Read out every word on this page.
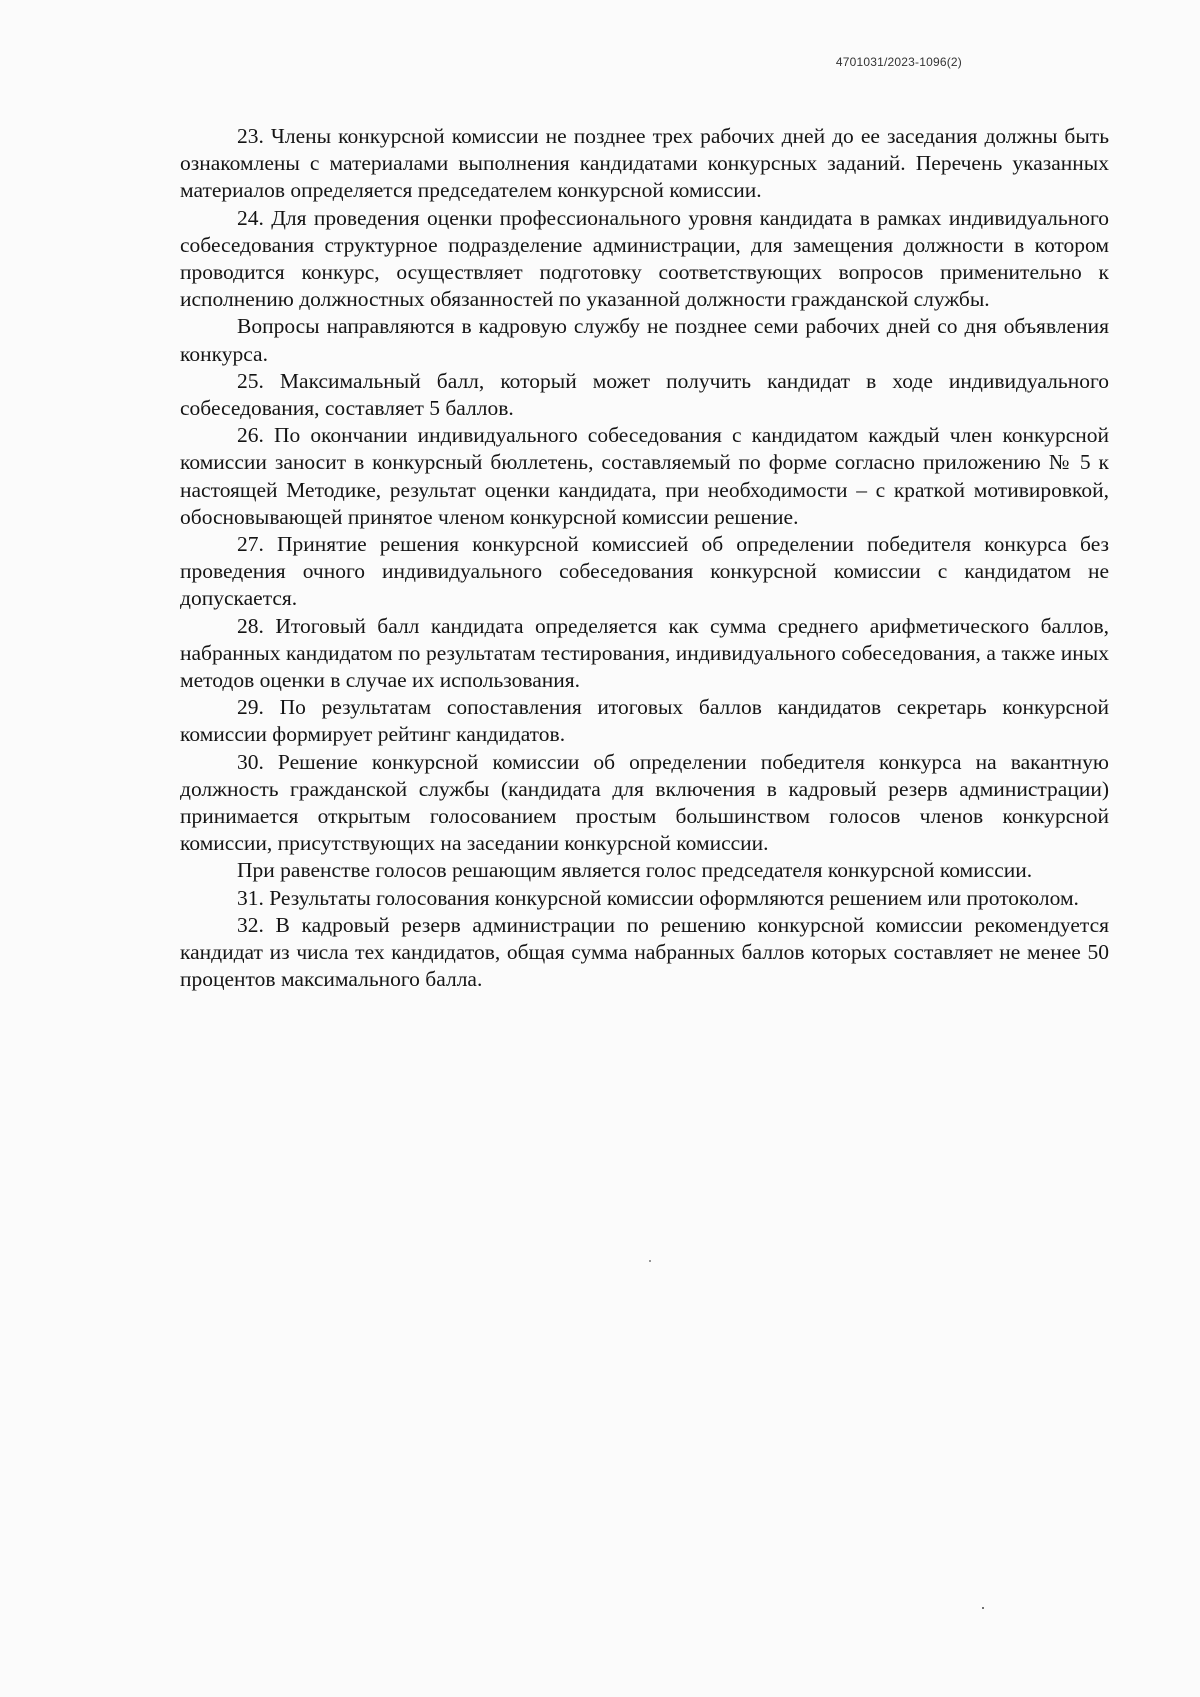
4701031/2023-1096(2)

23. Члены конкурсной комиссии не позднее трех рабочих дней до ее заседания должны быть ознакомлены с материалами выполнения кандидатами конкурсных заданий. Перечень указанных материалов определяется председателем конкурсной комиссии.

24. Для проведения оценки профессионального уровня кандидата в рамках индивидуального собеседования структурное подразделение администрации, для замещения должности в котором проводится конкурс, осуществляет подготовку соответствующих вопросов применительно к исполнению должностных обязанностей по указанной должности гражданской службы.

Вопросы направляются в кадровую службу не позднее семи рабочих дней со дня объявления конкурса.

25. Максимальный балл, который может получить кандидат в ходе индивидуального собеседования, составляет 5 баллов.

26. По окончании индивидуального собеседования с кандидатом каждый член конкурсной комиссии заносит в конкурсный бюллетень, составляемый по форме согласно приложению № 5 к настоящей Методике, результат оценки кандидата, при необходимости – с краткой мотивировкой, обосновывающей принятое членом конкурсной комиссии решение.

27. Принятие решения конкурсной комиссией об определении победителя конкурса без проведения очного индивидуального собеседования конкурсной комиссии с кандидатом не допускается.

28. Итоговый балл кандидата определяется как сумма среднего арифметического баллов, набранных кандидатом по результатам тестирования, индивидуального собеседования, а также иных методов оценки в случае их использования.

29. По результатам сопоставления итоговых баллов кандидатов секретарь конкурсной комиссии формирует рейтинг кандидатов.

30. Решение конкурсной комиссии об определении победителя конкурса на вакантную должность гражданской службы (кандидата для включения в кадровый резерв администрации) принимается открытым голосованием простым большинством голосов членов конкурсной комиссии, присутствующих на заседании конкурсной комиссии.

При равенстве голосов решающим является голос председателя конкурсной комиссии.

31. Результаты голосования конкурсной комиссии оформляются решением или протоколом.

32. В кадровый резерв администрации по решению конкурсной комиссии рекомендуется кандидат из числа тех кандидатов, общая сумма набранных баллов которых составляет не менее 50 процентов максимального балла.
